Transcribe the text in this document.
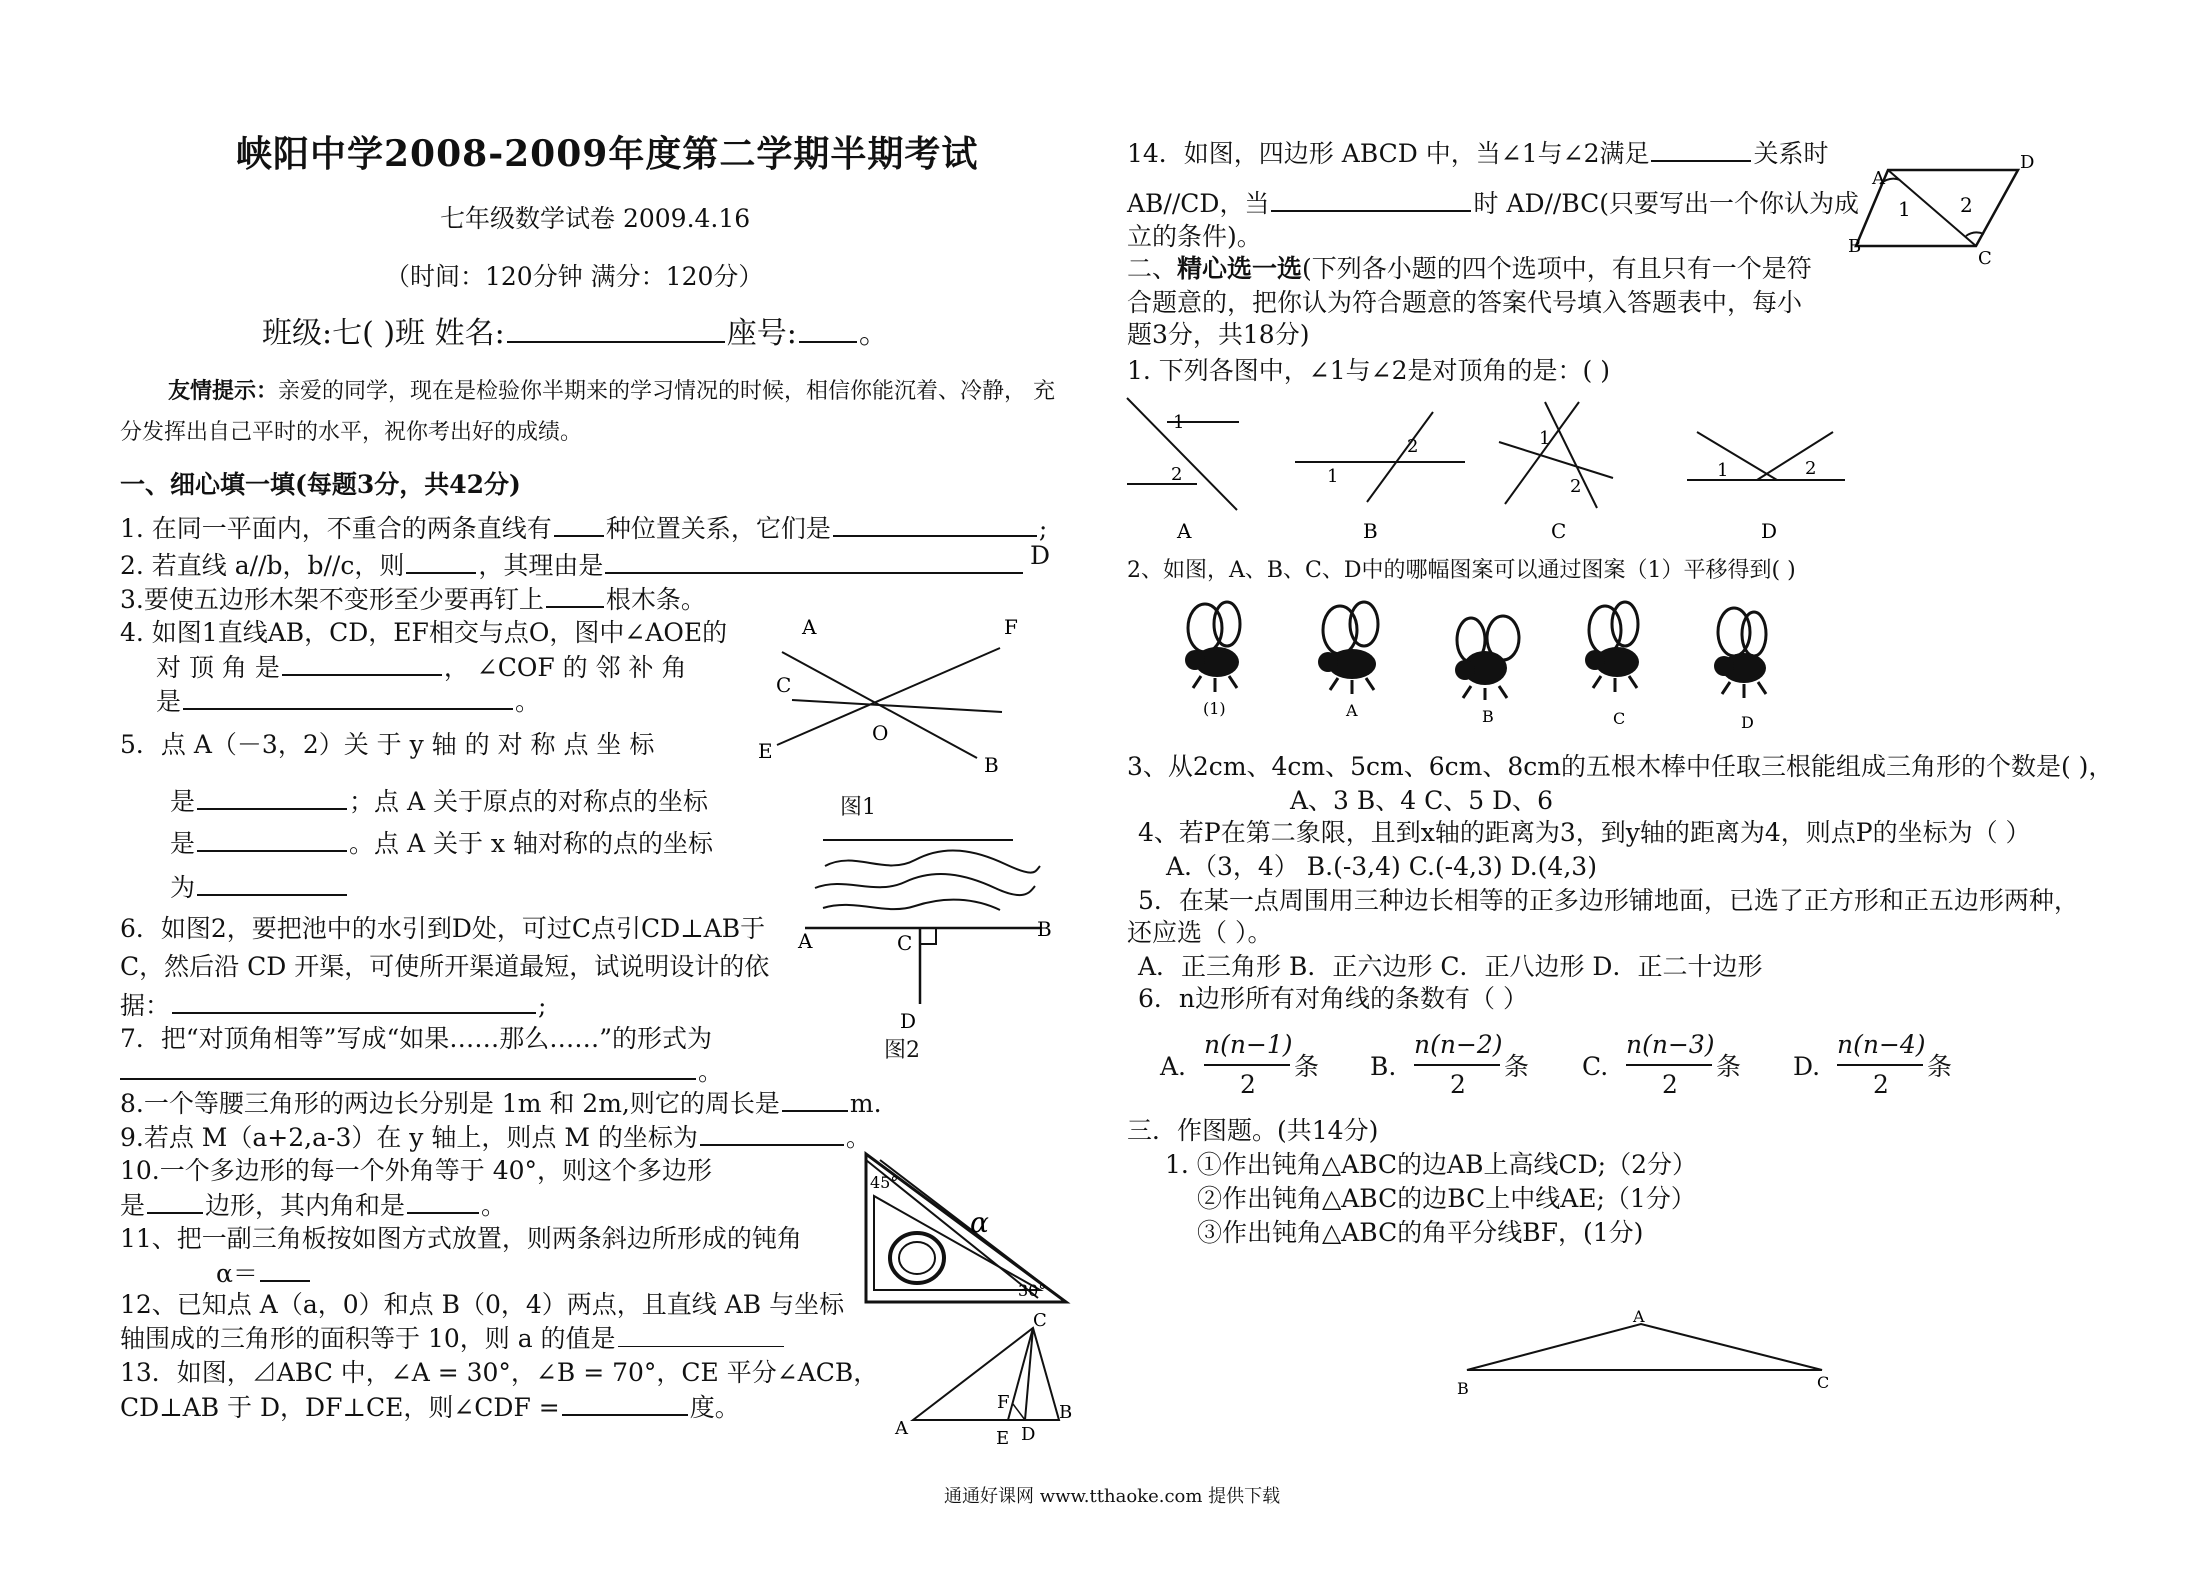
峡阳中学2008-2009年度第二学期半期考试
七年级数学试卷 2009.4.16
（时间：120分钟 满分：120分）
班级:七( )班 姓名:	座号: 。
友情提示：亲爱的同学，现在是检验你半期来的学习情况的时候，相信你能沉着、冷静， 充
分发挥出自己平时的水平，祝你考出好的成绩。
一、细心填一填(每题3分，共42分)
1. 在同一平面内，不重合的两条直线有 种位置关系，它们是	;
2. 若直线 a//b，b//c，则	，其理由是	D
3.要使五边形木架不变形至少要再钉上 根木条。
4. 如图1直线AB，CD，EF相交与点O，图中∠AOE的
对 顶 角 是	， ∠COF 的 邻 补 角
是	。
5．点 A（－3，2）关 于 y 轴 的 对 称 点 坐 标
是	；点 A 关于原点的对称点的坐标
是	。点 A 关于 x 轴对称的点的坐标
为
6．如图2，要把池中的水引到D处，可过C点引CD⊥AB于
C，然后沿 CD 开渠，可使所开渠道最短，试说明设计的依
据：	;
7．把“对顶角相等”写成“如果……那么……”的形式为
。
8.一个等腰三角形的两边长分别是 1m 和 2m,则它的周长是	m.
9.若点 M（a+2,a-3）在 y 轴上，则点 M 的坐标为	。
10.一个多边形的每一个外角等于 40°，则这个多边形
是 边形，其内角和是	。
11、把一副三角板按如图方式放置，则两条斜边所形成的钝角
α＝
12、已知点 A（a，0）和点 B（0，4）两点，且直线 AB 与坐标
轴围成的三角形的面积等于 10，则 a 的值是
13．如图，⊿ABC 中，∠A = 30°，∠B = 70°，CE 平分∠ACB，
CD⊥AB 于 D，DF⊥CE，则∠CDF =	度。
A	F
C
O
E
B
图1
A	C
B
D
图2
45°
α
30°
C
F
A	E D
B
14．如图，四边形 ABCD 中，当∠1与∠2满足	关系时
AB//CD，当	时 AD//BC(只要写出一个你认为成
立的条件)。
A
D
B
C
1 2
二、精心选一选(下列各小题的四个选项中，有且只有一个是符
合题意的，把你认为符合题意的答案代号填入答题表中，每小
题3分，共18分)
1. 下列各图中，∠1与∠2是对顶角的是：( )
1
2
A
1
2
B
1
2
C
1	2
D
2、如图，A、B、C、D中的哪幅图案可以通过图案（1）平移得到( )
(1)	A	B	C	D
3、从2cm、4cm、5cm、6cm、8cm的五根木棒中任取三根能组成三角形的个数是( )，
A、3 B、4 C、5 D、6
4、若P在第二象限，且到x轴的距离为3，到y轴的距离为4，则点P的坐标为（ ）
A.（3，4） B.(-3,4) C.(-4,3) D.(4,3)
5．在某一点周围用三种边长相等的正多边形铺地面，已选了正方形和正五边形两种，
还应选（ ）。
A．正三角形 B．正六边形 C．正八边形 D．正二十边形
6．n边形所有对角线的条数有（ ）
A.
n(n−1)
2
条 B.
n(n−2)
2
条 C.
n(n−3)
2
条 D.
n(n−4)
2
条
三．作图题。(共14分)
1. ①作出钝角△ABC的边AB上高线CD;（2分）
②作出钝角△ABC的边BC上中线AE;（1分）
③作出钝角△ABC的角平分线BF，(1分)
A
B	C
通通好课网 www.tthaoke.com 提供下载
